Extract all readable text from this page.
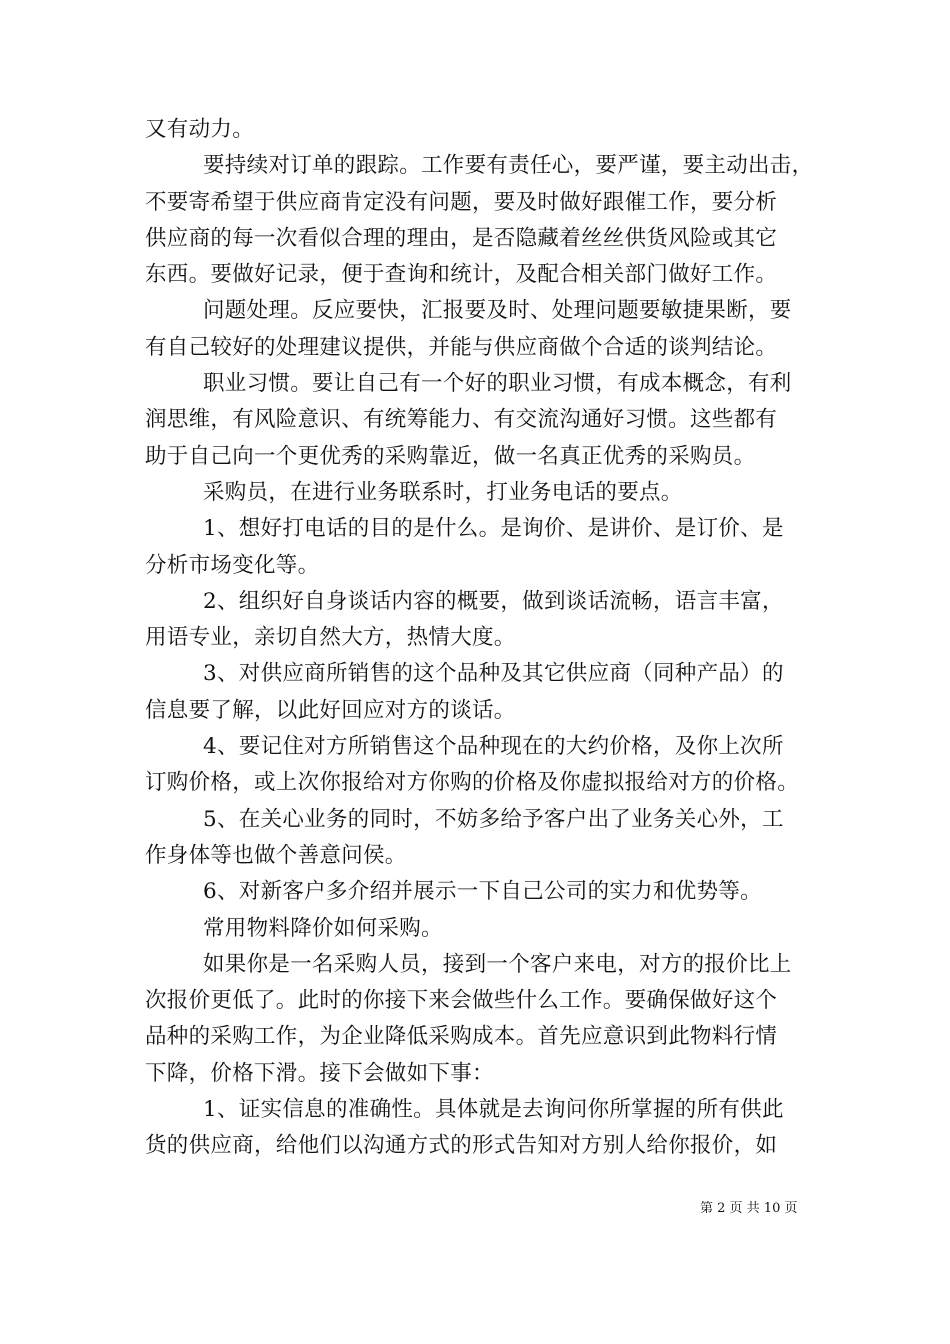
又有动力。
要持续对订单的跟踪。工作要有责任心，要严谨，要主动出击，
不要寄希望于供应商肯定没有问题，要及时做好跟催工作，要分析
供应商的每一次看似合理的理由，是否隐藏着丝丝供货风险或其它
东西。要做好记录，便于查询和统计，及配合相关部门做好工作。
问题处理。反应要快，汇报要及时、处理问题要敏捷果断，要
有自己较好的处理建议提供，并能与供应商做个合适的谈判结论。
职业习惯。要让自己有一个好的职业习惯，有成本概念，有利
润思维，有风险意识、有统筹能力、有交流沟通好习惯。这些都有
助于自己向一个更优秀的采购靠近，做一名真正优秀的采购员。
采购员，在进行业务联系时，打业务电话的要点。
1、想好打电话的目的是什么。是询价、是讲价、是订价、是
分析市场变化等。
2、组织好自身谈话内容的概要，做到谈话流畅，语言丰富，
用语专业，亲切自然大方，热情大度。
3、对供应商所销售的这个品种及其它供应商（同种产品）的
信息要了解，以此好回应对方的谈话。
4、要记住对方所销售这个品种现在的大约价格，及你上次所
订购价格，或上次你报给对方你购的价格及你虚拟报给对方的价格。
5、在关心业务的同时，不妨多给予客户出了业务关心外，工
作身体等也做个善意问侯。
6、对新客户多介绍并展示一下自己公司的实力和优势等。
常用物料降价如何采购。
如果你是一名采购人员，接到一个客户来电，对方的报价比上
次报价更低了。此时的你接下来会做些什么工作。要确保做好这个
品种的采购工作，为企业降低采购成本。首先应意识到此物料行情
下降，价格下滑。接下会做如下事：
1、证实信息的准确性。具体就是去询问你所掌握的所有供此
货的供应商，给他们以沟通方式的形式告知对方别人给你报价，如
第 2 页 共 10 页
